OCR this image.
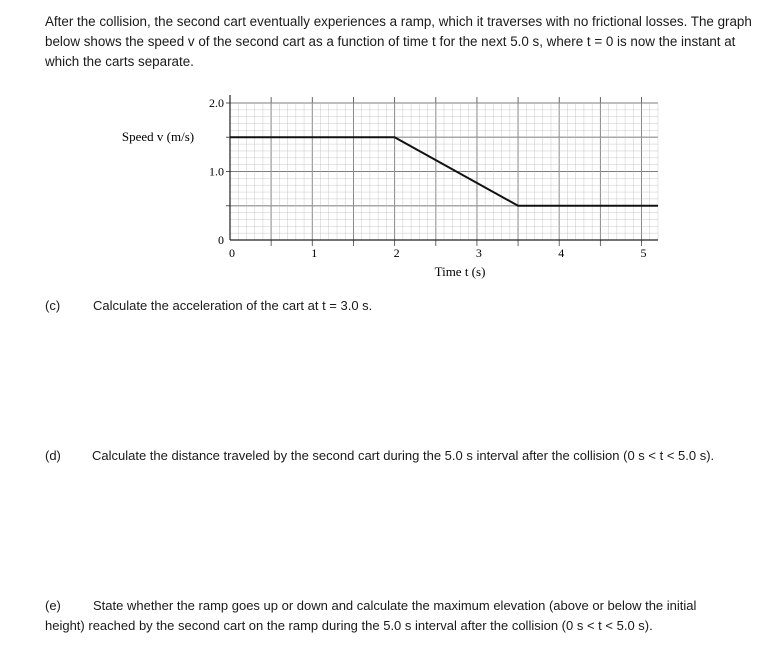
After the collision, the second cart eventually experiences a ramp, which it traverses with no frictional losses. The graph
below shows the speed v of the second cart as a function of time t for the next 5.0 s, where t = 0 is now the instant at
which the carts separate.
0	1	2	3	4	5
0
1.0
2.0
Speed v (m/s)
Time t (s)
(c)	Calculate the acceleration of the cart at t = 3.0 s.
(d) Calculate the distance traveled by the second cart during the 5.0 s interval after the collision (0 s < t < 5.0 s).
(e) State whether the ramp goes up or down and calculate the maximum elevation (above or below the initial
height) reached by the second cart on the ramp during the 5.0 s interval after the collision (0 s < t < 5.0 s).
